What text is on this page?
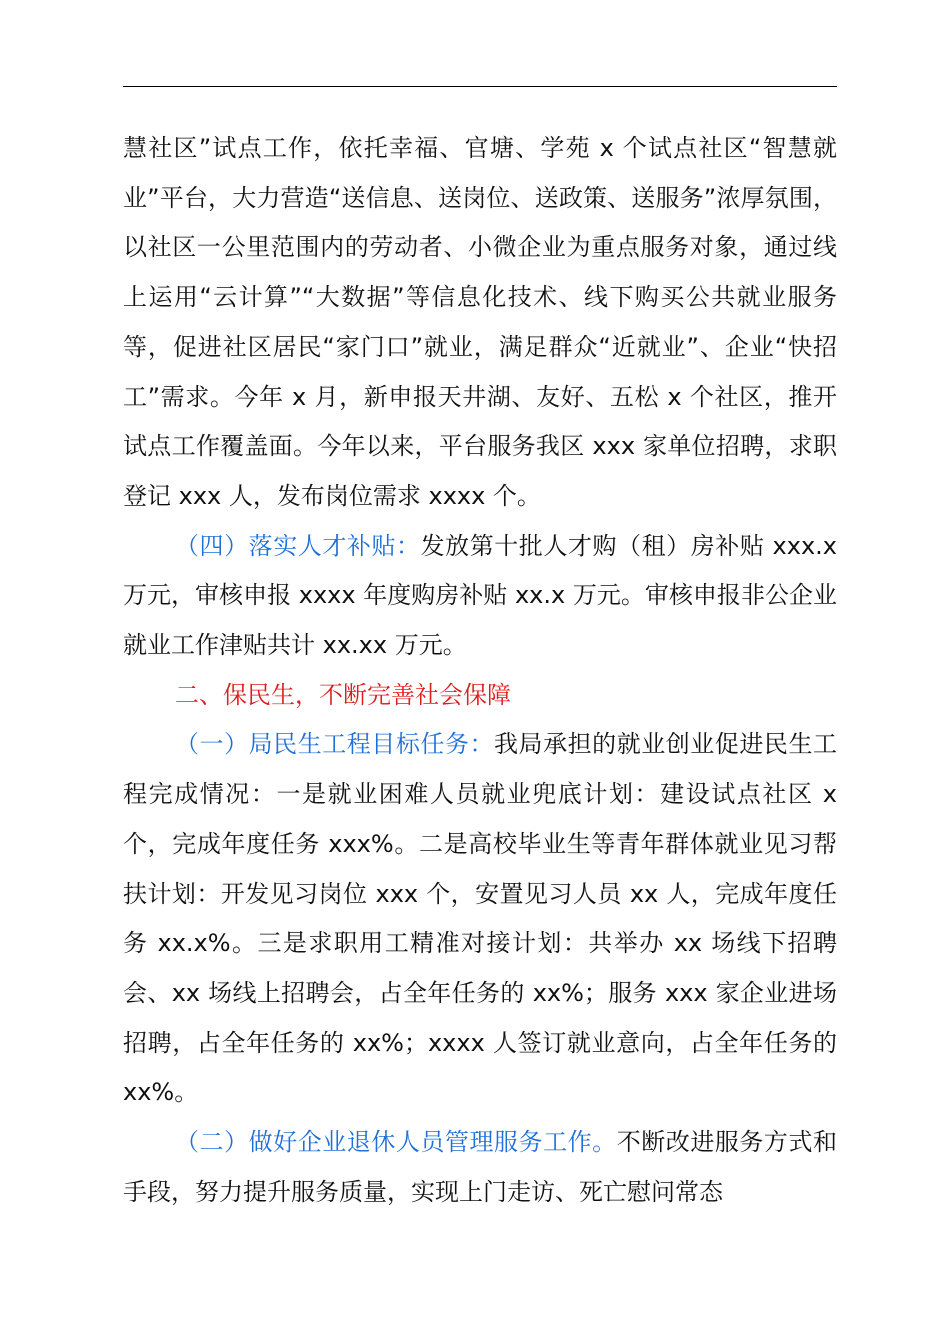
慧社区”试点工作，依托幸福、官塘、学苑 x 个试点社区“智慧就业”平台，大力营造“送信息、送岗位、送政策、送服务”浓厚氛围，以社区一公里范围内的劳动者、小微企业为重点服务对象，通过线上运用“云计算”“大数据”等信息化技术、线下购买公共就业服务等，促进社区居民“家门口”就业，满足群众“近就业”、企业“快招工”需求。今年 x 月，新申报天井湖、友好、五松 x 个社区，推开试点工作覆盖面。今年以来，平台服务我区 xxx 家单位招聘，求职登记 xxx 人，发布岗位需求 xxxx 个。

（四）落实人才补贴：发放第十批人才购（租）房补贴 xxx.x 万元，审核申报 xxxx 年度购房补贴 xx.x 万元。审核申报非公企业就业工作津贴共计 xx.xx 万元。

二、保民生，不断完善社会保障

（一）局民生工程目标任务：我局承担的就业创业促进民生工程完成情况：一是就业困难人员就业兜底计划：建设试点社区 x 个，完成年度任务 xxx%。二是高校毕业生等青年群体就业见习帮扶计划：开发见习岗位 xxx 个，安置见习人员 xx 人，完成年度任务 xx.x%。三是求职用工精准对接计划：共举办 xx 场线下招聘会、xx 场线上招聘会，占全年任务的 xx%；服务 xxx 家企业进场招聘，占全年任务的 xx%；xxxx 人签订就业意向，占全年任务的 xx%。

（二）做好企业退休人员管理服务工作。不断改进服务方式和手段，努力提升服务质量，实现上门走访、死亡慰问常态
